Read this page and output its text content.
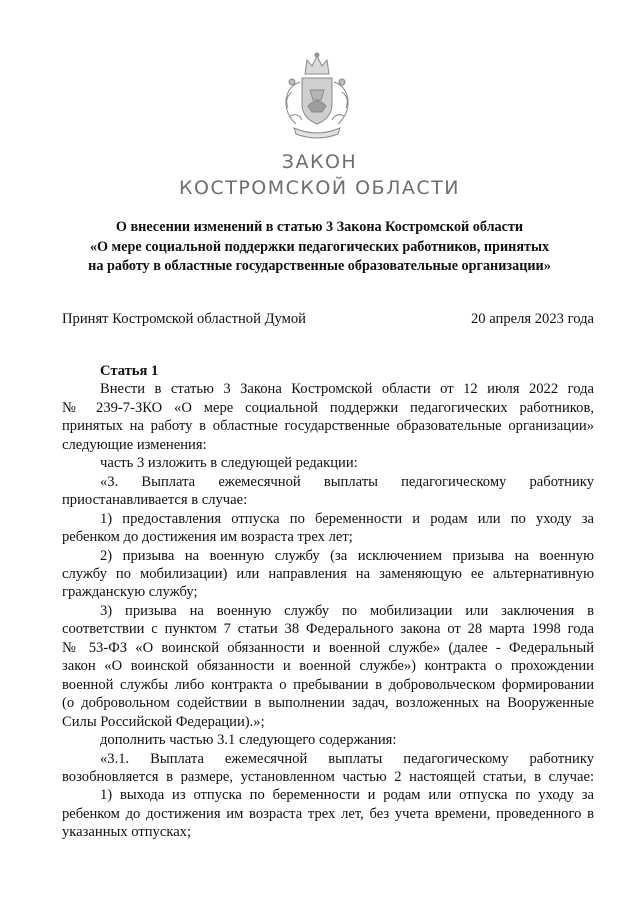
ЗАКОН
КОСТРОМСКОЙ ОБЛАСТИ
О внесении изменений в статью 3 Закона Костромской области
«О мере социальной поддержки педагогических работников, принятых
на работу в областные государственные образовательные организации»
Принят Костромской областной Думой	20 апреля 2023 года
Статья 1
Внести в статью 3 Закона Костромской области от 12 июля 2022 года
№ 239-7-ЗКО «О мере социальной поддержки педагогических работников,
принятых на работу в областные государственные образовательные организации»
следующие изменения:
часть 3 изложить в следующей редакции:
«3. Выплата ежемесячной выплаты педагогическому работнику
приостанавливается в случае:
1) предоставления отпуска по беременности и родам или по уходу за
ребенком до достижения им возраста трех лет;
2) призыва на военную службу (за исключением призыва на военную
службу по мобилизации) или направления на заменяющую ее альтернативную
гражданскую службу;
3) призыва на военную службу по мобилизации или заключения в
соответствии с пунктом 7 статьи 38 Федерального закона от 28 марта 1998 года
№ 53-ФЗ «О воинской обязанности и военной службе» (далее - Федеральный
закон «О воинской обязанности и военной службе») контракта о прохождении
военной службы либо контракта о пребывании в добровольческом формировании
(о добровольном содействии в выполнении задач, возложенных на Вооруженные
Силы Российской Федерации).»;
дополнить частью 3.1 следующего содержания:
«3.1. Выплата ежемесячной выплаты педагогическому работнику
возобновляется в размере, установленном частью 2 настоящей статьи, в случае:
1) выхода из отпуска по беременности и родам или отпуска по уходу за
ребенком до достижения им возраста трех лет, без учета времени, проведенного в
указанных отпусках;
